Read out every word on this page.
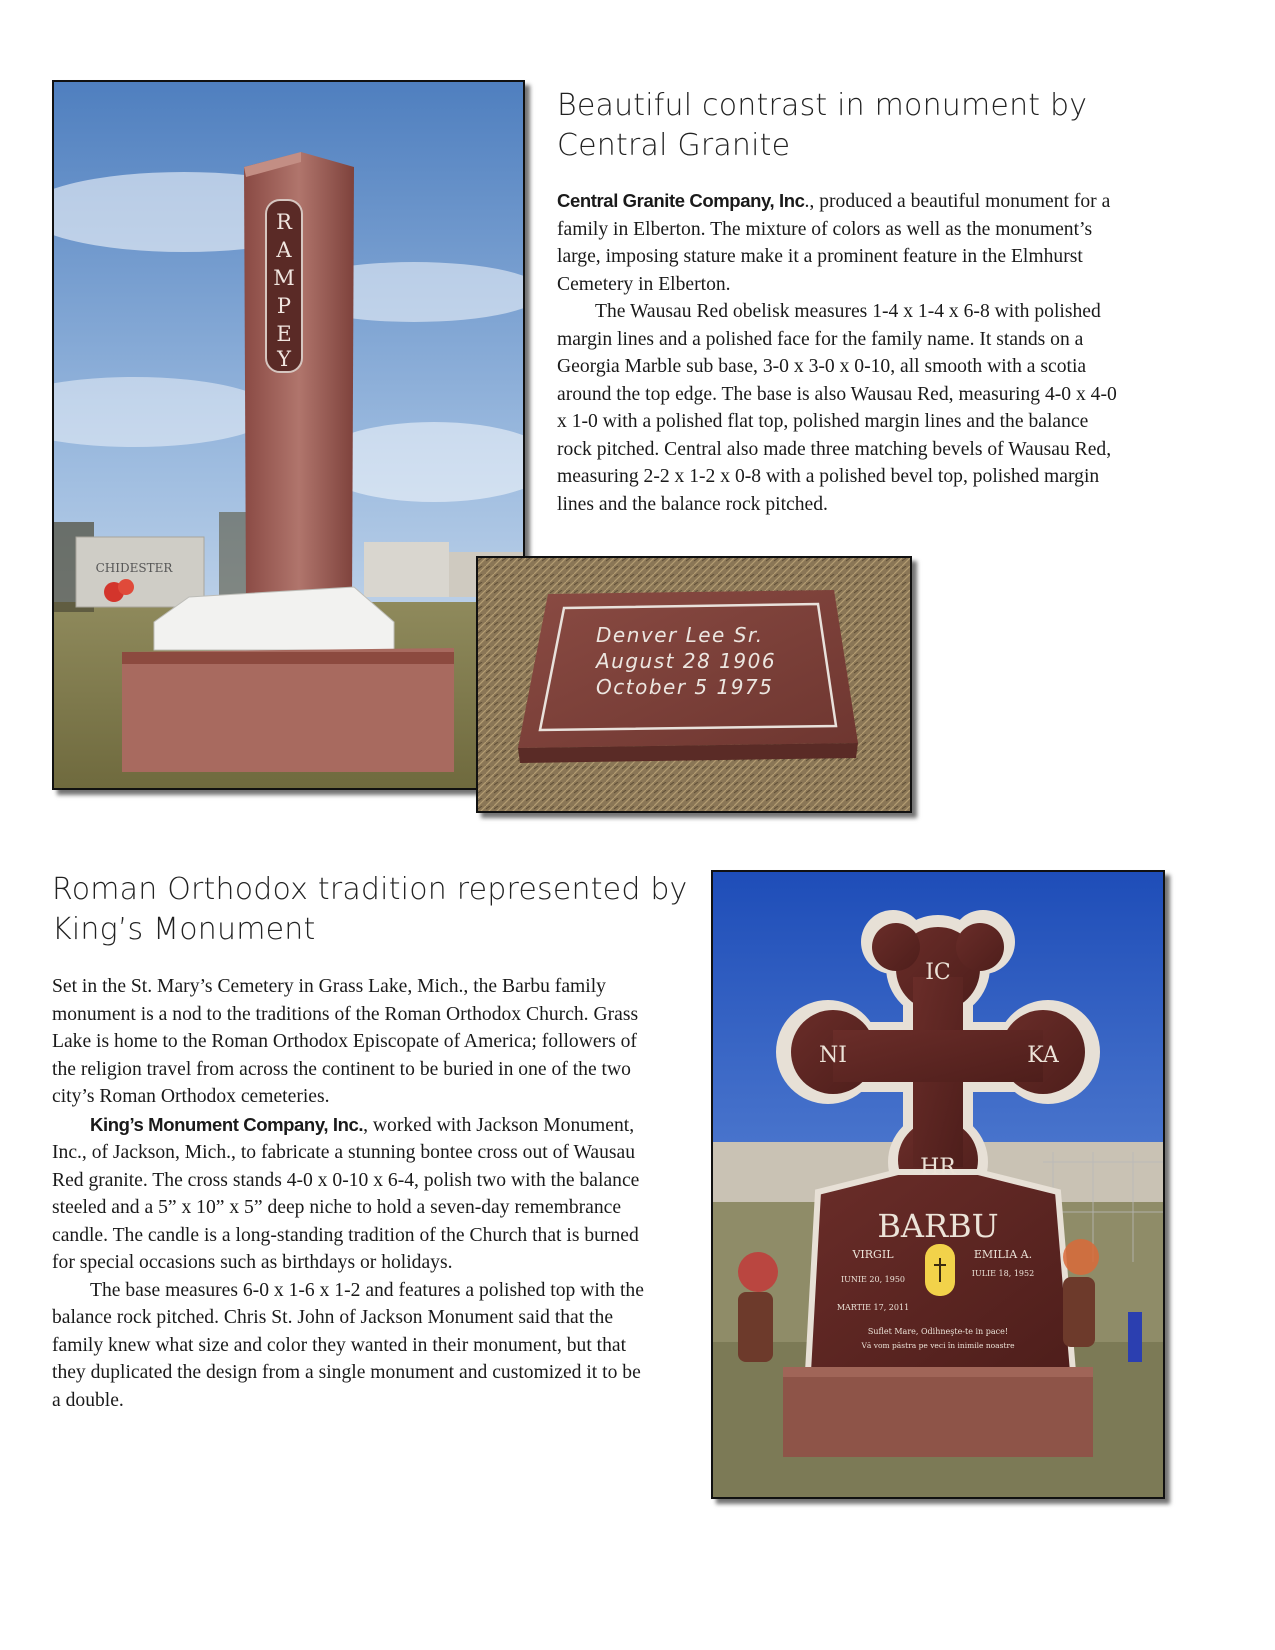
CHIDESTER
R
A
M
P
E
Y
Beautiful contrast in monument by
Central Granite

Central Granite Company, Inc., produced a beautiful monument for a family in Elberton. The mixture of colors as well as the monument’s large, imposing stature make it a prominent feature in the Elmhurst Cemetery in Elberton.

The Wausau Red obelisk measures 1-4 x 1-4 x 6-8 with polished margin lines and a polished face for the family name. It stands on a Georgia Marble sub base, 3-0 x 3-0 x 0-10, all smooth with a scotia around the top edge. The base is also Wausau Red, measuring 4-0 x 4-0 x 1-0 with a polished flat top, polished margin lines and the balance rock pitched. Central also made three matching bevels of Wausau Red, measuring 2-2 x 1-2 x 0-8 with a polished bevel top, polished margin lines and the balance rock pitched.

Denver Lee Sr.
August 28 1906
October 5 1975
Roman Orthodox tradition represented by
King’s Monument

Set in the St. Mary’s Cemetery in Grass Lake, Mich., the Barbu family monument is a nod to the traditions of the Roman Orthodox Church. Grass Lake is home to the Roman Orthodox Episcopate of America; followers of the religion travel from across the continent to be buried in one of the two city’s Roman Orthodox cemeteries.

King’s Monument Company, Inc., worked with Jackson Monument, Inc., of Jackson, Mich., to fabricate a stunning bontee cross out of Wausau Red granite. The cross stands 4-0 x 0-10 x 6-4, polish two with the balance steeled and a 5” x 10” x 5” deep niche to hold a seven-day remembrance candle. The candle is a long-standing tradition of the Church that is burned for special occasions such as birthdays or holidays.

The base measures 6-0 x 1-6 x 1-2 and features a polished top with the balance rock pitched. Chris St. John of Jackson Monument said that the family knew what size and color they wanted in their monument, but that they duplicated the design from a single monument and customized it to be a double.

IC
NI	KA
HR
BARBU
VIRGIL	EMILIA A.
IUNIE 20, 1950
IULIE 18, 1952
MARTIE 17, 2011
Suflet Mare, Odihneşte-te in pace!
Vă vom păstra pe veci în inimile noastre
